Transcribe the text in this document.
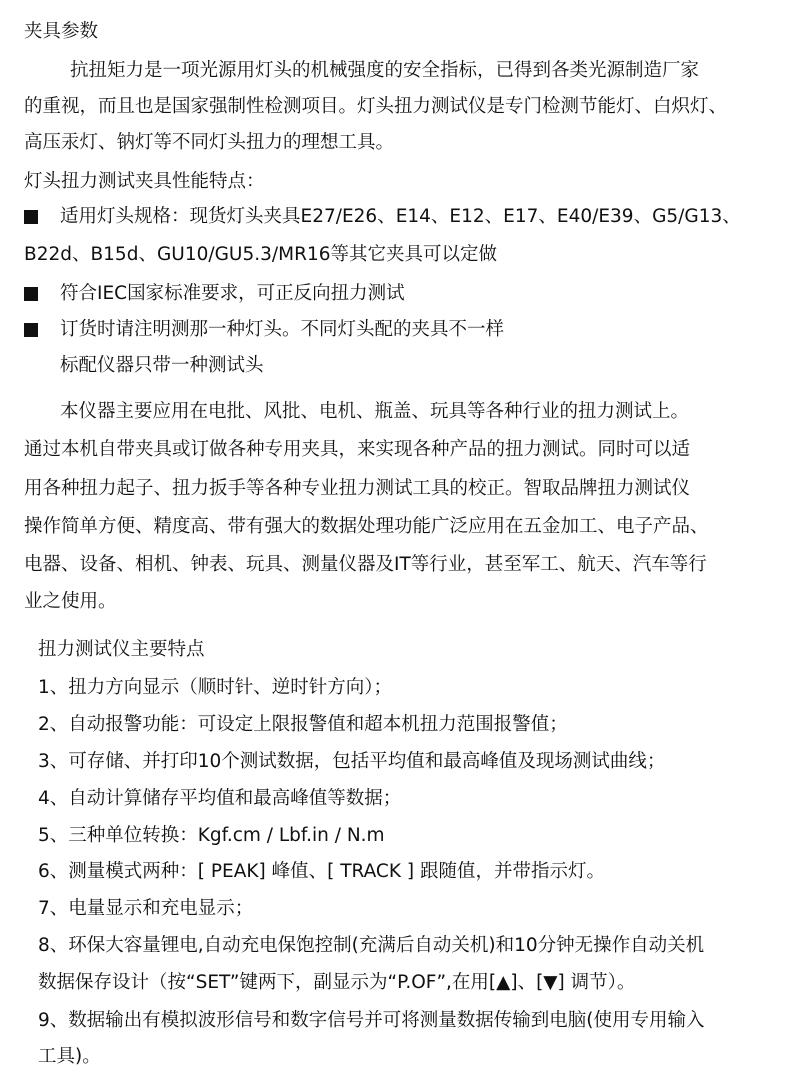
夹具参数
抗扭矩力是一项光源用灯头的机械强度的安全指标，已得到各类光源制造厂家
的重视，而且也是国家强制性检测项目。灯头扭力测试仪是专门检测节能灯、白炽灯、
高压汞灯、钠灯等不同灯头扭力的理想工具。
灯头扭力测试夹具性能特点：
适用灯头规格：现货灯头夹具E27/E26、E14、E12、E17、E40/E39、G5/G13、
B22d、B15d、GU10/GU5.3/MR16等其它夹具可以定做
符合IEC国家标准要求，可正反向扭力测试
订货时请注明测那一种灯头。不同灯头配的夹具不一样
标配仪器只带一种测试头
本仪器主要应用在电批、风批、电机、瓶盖、玩具等各种行业的扭力测试上。
通过本机自带夹具或订做各种专用夹具，来实现各种产品的扭力测试。同时可以适
用各种扭力起子、扭力扳手等各种专业扭力测试工具的校正。智取品牌扭力测试仪
操作简单方便、精度高、带有强大的数据处理功能广泛应用在五金加工、电子产品、
电器、设备、相机、钟表、玩具、测量仪器及IT等行业，甚至军工、航天、汽车等行
业之使用。
扭力测试仪主要特点
1、扭力方向显示（顺时针、逆时针方向）；
2、自动报警功能：可设定上限报警值和超本机扭力范围报警值；
3、可存储、并打印10个测试数据，包括平均值和最高峰值及现场测试曲线；
4、自动计算储存平均值和最高峰值等数据；
5、三种单位转换：Kgf.cm / Lbf.in / N.m
6、测量模式两种：[ PEAK] 峰值、[ TRACK ] 跟随值，并带指示灯。
7、电量显示和充电显示；
8、环保大容量锂电,自动充电保饱控制(充满后自动关机)和10分钟无操作自动关机
数据保存设计（按“SET”键两下，副显示为“P.OF”,在用[▲]、[▼] 调节）。
9、数据输出有模拟波形信号和数字信号并可将测量数据传输到电脑(使用专用输入
工具)。
